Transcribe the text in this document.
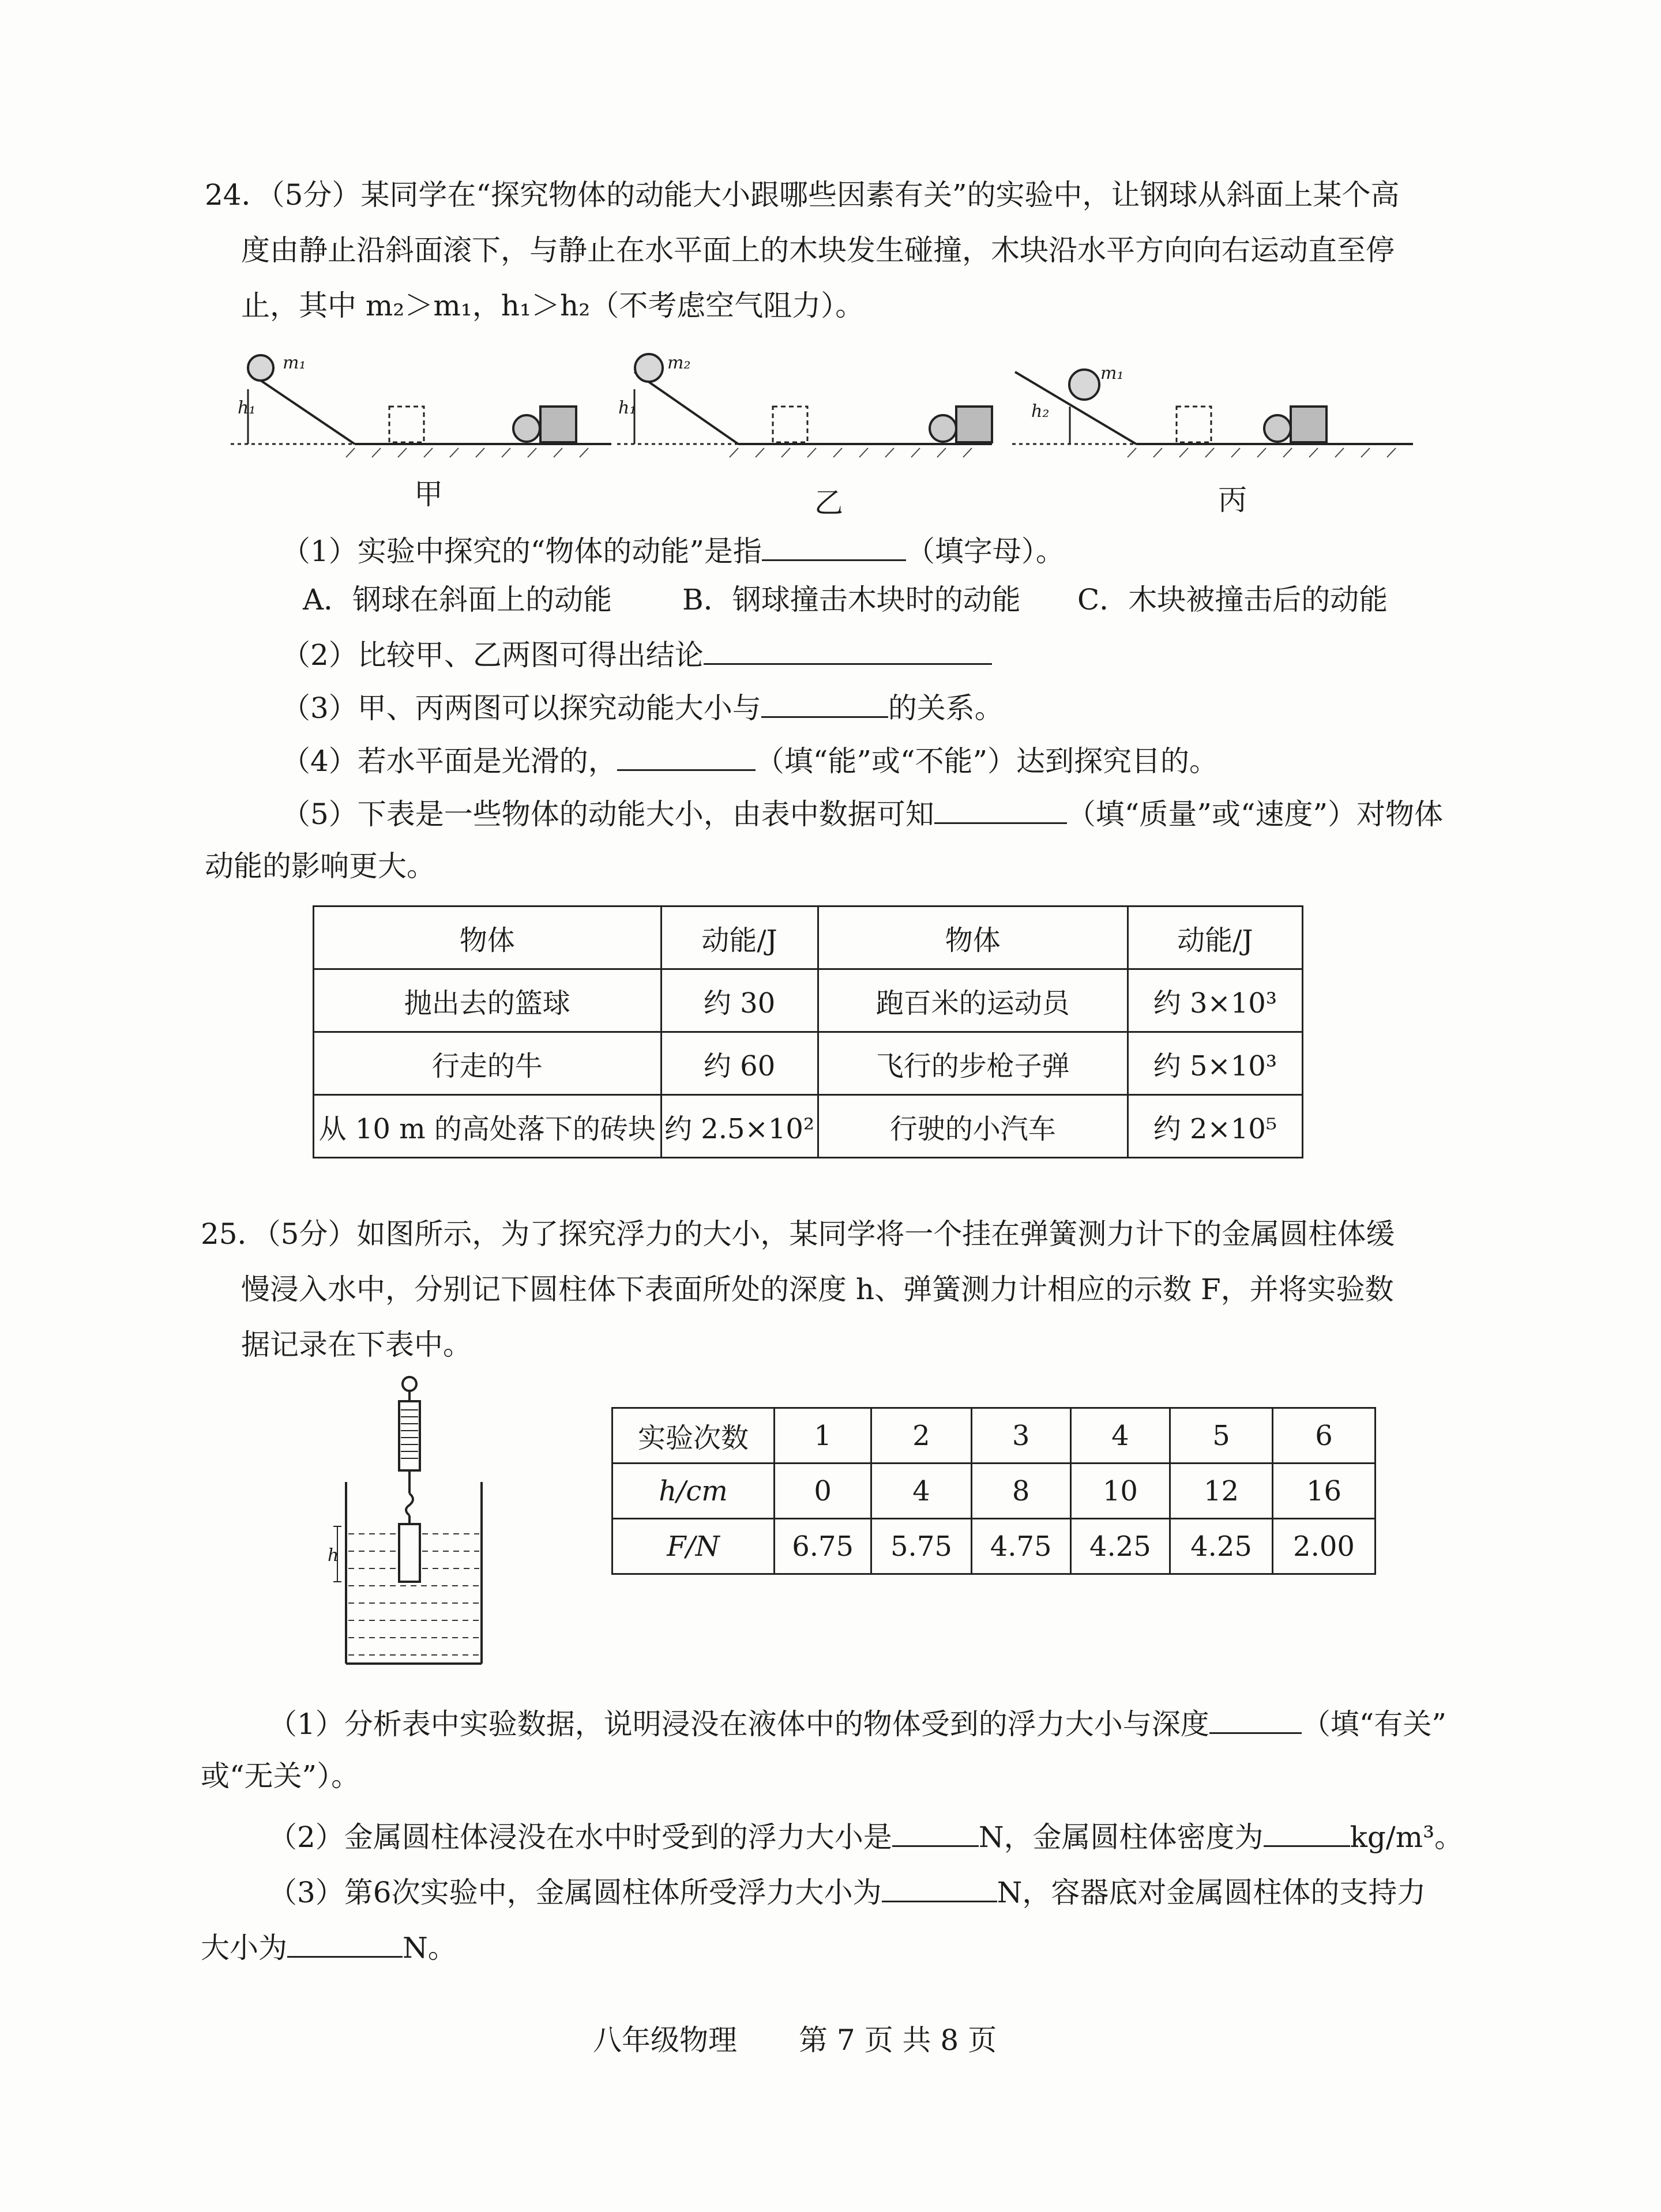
24．（5分）某同学在“探究物体的动能大小跟哪些因素有关”的实验中，让钢球从斜面上某个高
度由静止沿斜面滚下，与静止在水平面上的木块发生碰撞，木块沿水平方向向右运动直至停
止，其中 m₂＞m₁，h₁＞h₂（不考虑空气阻力）。
m₁
h₁
甲
m₂
h₁
乙
m₁
h₂
丙
（1）实验中探究的“物体的动能”是指	（填字母）。
A．钢球在斜面上的动能 B．钢球撞击木块时的动能 C．木块被撞击后的动能
（2）比较甲、乙两图可得出结论
（3）甲、丙两图可以探究动能大小与	的关系。
（4）若水平面是光滑的，	（填“能”或“不能”）达到探究目的。
（5）下表是一些物体的动能大小，由表中数据可知	（填“质量”或“速度”）对物体
动能的影响更大。
物体	动能/J	物体	动能/J
抛出去的篮球	约 30	跑百米的运动员	约 3×10³
行走的牛	约 60	飞行的步枪子弹	约 5×10³
从 10 m 的高处落下的砖块	约 2.5×10²	行驶的小汽车	约 2×10⁵
25．（5分）如图所示，为了探究浮力的大小，某同学将一个挂在弹簧测力计下的金属圆柱体缓
慢浸入水中，分别记下圆柱体下表面所处的深度 h、弹簧测力计相应的示数 F，并将实验数
据记录在下表中。
h
实验次数	1	2	3	4	5	6
h/cm	0	4	8	10	12	16
F/N	6.75	5.75	4.75	4.25	4.25	2.00
（1）分析表中实验数据，说明浸没在液体中的物体受到的浮力大小与深度	（填“有关”
或“无关”）。
（2）金属圆柱体浸没在水中时受到的浮力大小是	N，金属圆柱体密度为	kg/m³。
（3）第6次实验中，金属圆柱体所受浮力大小为	N，容器底对金属圆柱体的支持力
大小为	N。
八年级物理 第 7 页 共 8 页
